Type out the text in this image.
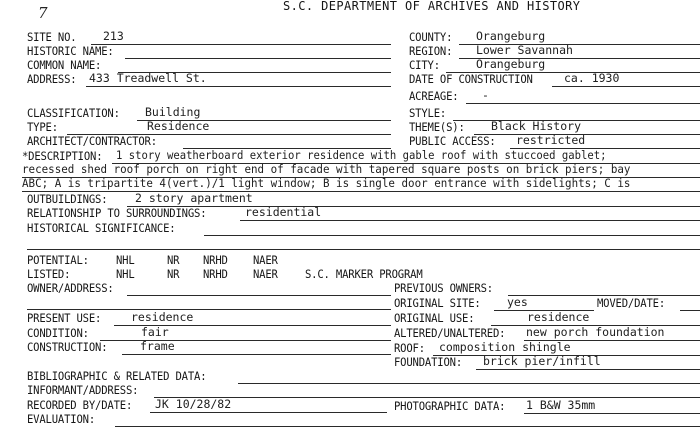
7	S.C. DEPARTMENT OF ARCHIVES AND HISTORY
SITE NO. 213	COUNTY: Orangeburg
HISTORIC NAME:	REGION: Lower Savannah
COMMON NAME:	CITY:	Orangeburg
ADDRESS: 433 Treadwell St.	DATE OF CONSTRUCTION	ca. 1930
ACREAGE: -
CLASSIFICATION: Building	STYLE:
TYPE:	Residence	THEME(S): Black History
ARCHITECT/CONTRACTOR:	PUBLIC ACCESS: restricted
*DESCRIPTION: 1 story weatherboard exterior residence with gable roof with stuccoed gablet;
recessed shed roof porch on right end of facade with tapered square posts on brick piers; bay
ABC; A is tripartite 4(vert.)/1 light window; B is single door entrance with sidelights; C is
OUTBUILDINGS: 2 story apartment
RELATIONSHIP TO SURROUNDINGS:	residential
HISTORICAL SIGNIFICANCE:
POTENTIAL: NHL	NR NRHD NAER
LISTED:	NHL	NR NRHD NAER S.C. MARKER PROGRAM
OWNER/ADDRESS:	PREVIOUS OWNERS:
ORIGINAL SITE: yes	MOVED/DATE:
PRESENT USE:	residence	ORIGINAL USE:	residence
CONDITION:	fair	ALTERED/UNALTERED: new porch foundation
CONSTRUCTION:	frame	ROOF: composition shingle
FOUNDATION: brick pier/infill
BIBLIOGRAPHIC & RELATED DATA:
INFORMANT/ADDRESS:
RECORDED BY/DATE: JK 10/28/82	PHOTOGRAPHIC DATA: 1 B&W 35mm
EVALUATION:
